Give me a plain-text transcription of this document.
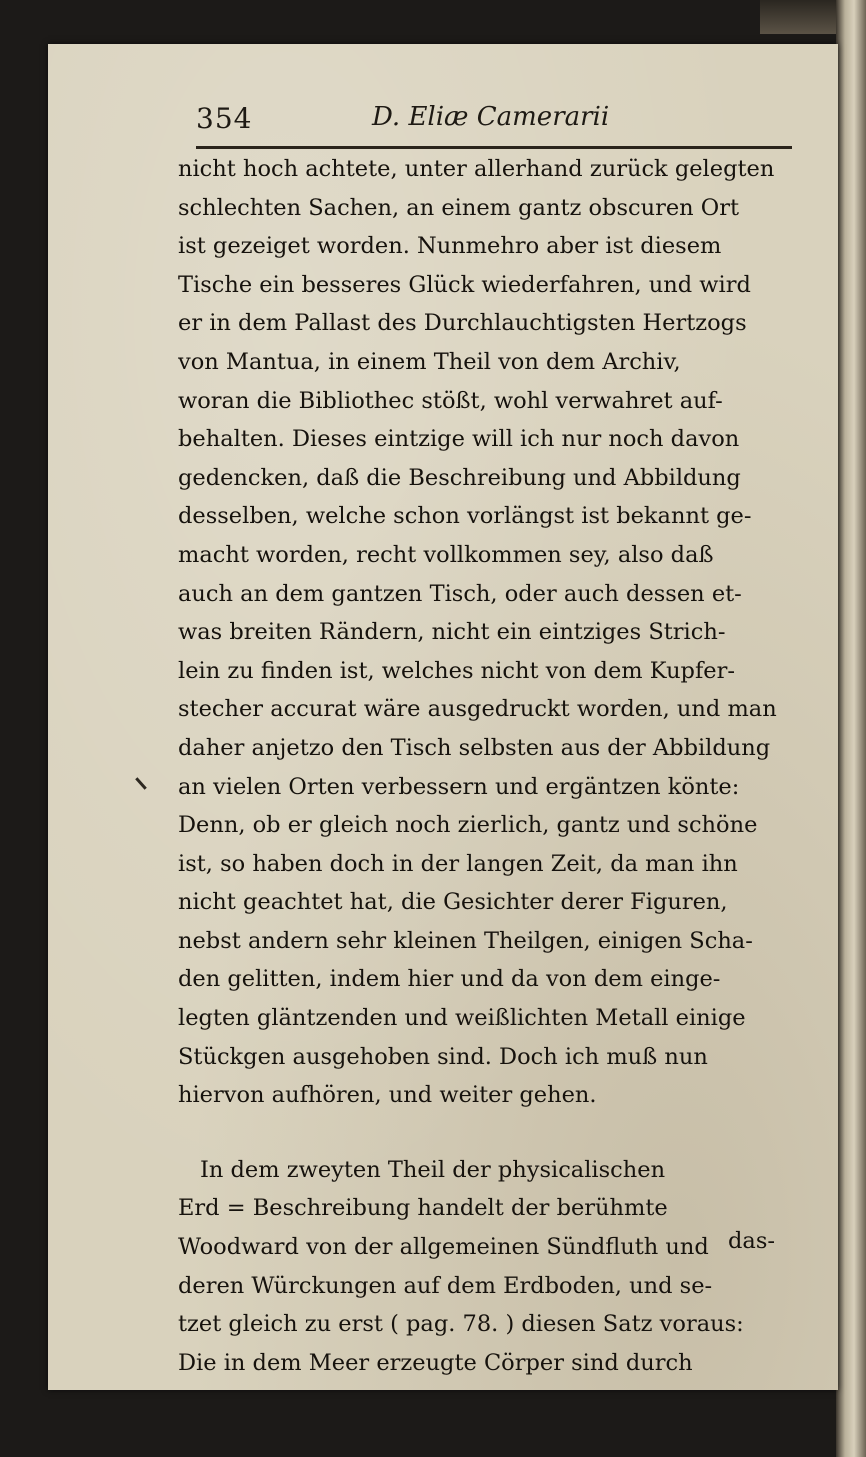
354	D. Eliæ Camerarii
nicht hoch achtete, unter allerhand zurück gelegten
schlechten Sachen, an einem gantz obscuren Ort
ist gezeiget worden. Nunmehro aber ist diesem
Tische ein besseres Glück wiederfahren, und wird
er in dem Pallast des Durchlauchtigsten Hertzogs
von Mantua, in einem Theil von dem Archiv,
woran die Bibliothec stößt, wohl verwahret auf-
behalten. Dieses eintzige will ich nur noch davon
gedencken, daß die Beschreibung und Abbildung
desselben, welche schon vorlängst ist bekannt ge-
macht worden, recht vollkommen sey, also daß
auch an dem gantzen Tisch, oder auch dessen et-
was breiten Rändern, nicht ein eintziges Strich-
lein zu finden ist, welches nicht von dem Kupfer-
stecher accurat wäre ausgedruckt worden, und man
daher anjetzo den Tisch selbsten aus der Abbildung
an vielen Orten verbessern und ergäntzen könte:
Denn, ob er gleich noch zierlich, gantz und schöne
ist, so haben doch in der langen Zeit, da man ihn
nicht geachtet hat, die Gesichter derer Figuren,
nebst andern sehr kleinen Theilgen, einigen Scha-
den gelitten, indem hier und da von dem einge-
legten gläntzenden und weißlichten Metall einige
Stückgen ausgehoben sind. Doch ich muß nun
hiervon aufhören, und weiter gehen.
In dem zweyten Theil der physicalischen
Erd = Beschreibung handelt der berühmte
Woodward von der allgemeinen Sündfluth und
deren Würckungen auf dem Erdboden, und se-
tzet gleich zu erst ( pag. 78. ) diesen Satz voraus:
Die in dem Meer erzeugte Cörper sind durch
das-
